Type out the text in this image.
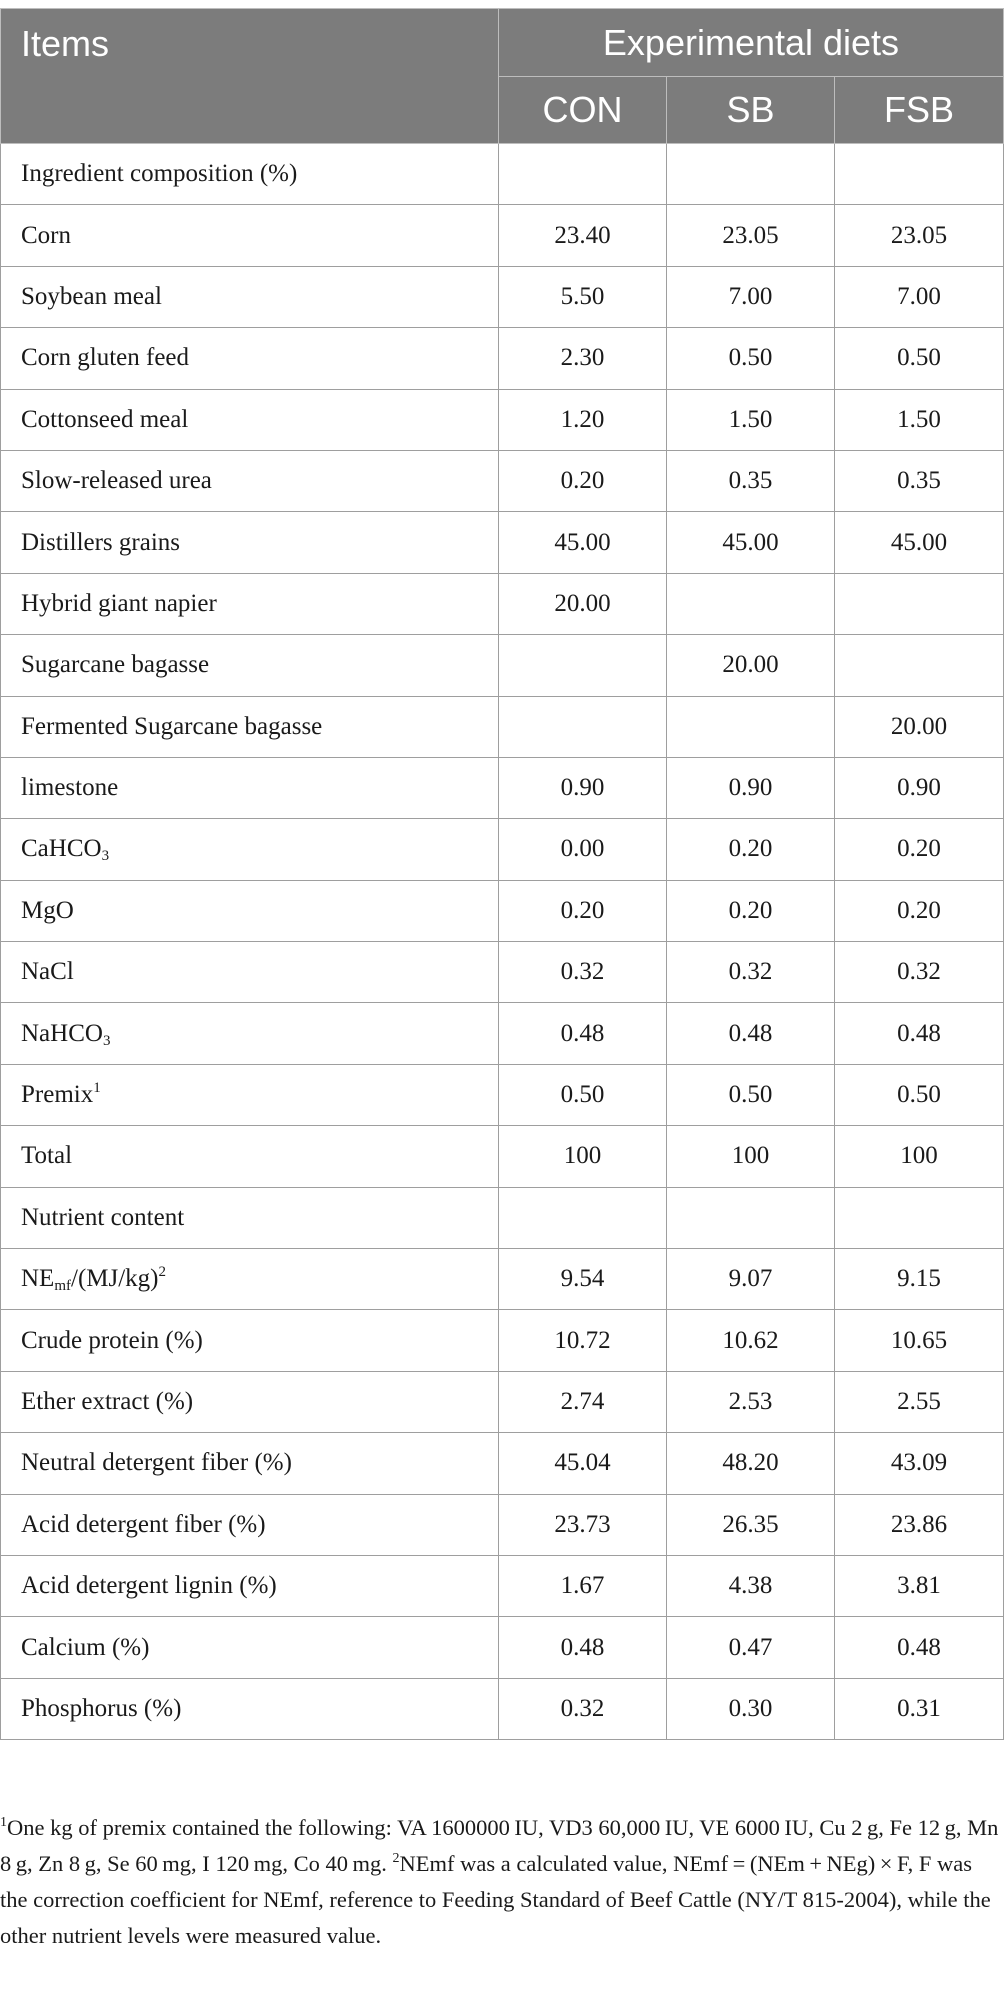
Items	Experimental diets		
	CON	SB	FSB
Ingredient composition (%)			
Corn	23.40	23.05	23.05
Soybean meal	5.50	7.00	7.00
Corn gluten feed	2.30	0.50	0.50
Cottonseed meal	1.20	1.50	1.50
Slow-released urea	0.20	0.35	0.35
Distillers grains	45.00	45.00	45.00
Hybrid giant napier	20.00		
Sugarcane bagasse		20.00	
Fermented Sugarcane bagasse			20.00
limestone	0.90	0.90	0.90
CaHCO$_3$	0.00	0.20	0.20
MgO	0.20	0.20	0.20
NaCl	0.32	0.32	0.32
NaHCO$_3$	0.48	0.48	0.48
Premix$^1$	0.50	0.50	0.50
Total	100	100	100
Nutrient content			
$NE_{mf}/(MJ/kg)^2$	9.54	9.07	9.15
Crude protein (%)	10.72	10.62	10.65
Ether extract (%)	2.74	2.53	2.55
Neutral detergent fiber (%)	45.04	48.20	43.09
Acid detergent fiber (%)	23.73	26.35	23.86
Acid detergent lignin (%)	1.67	4.38	3.81
Calcium (%)	0.48	0.47	0.48
Phosphorus (%)	0.32	0.30	0.31
$^1$One kg of premix contained the following: VA 1600000 IU, VD3 60,000 IU, VE 6000 IU, Cu 2 g, Fe 12 g, Mn 8 g, Zn 8 g, Se 60 mg, I 120 mg, Co 40 mg. $^2$NEmf was a calculated value, NEmf = (NEm + NEg) × F, F was the correction coefficient for NEmf, reference to Feeding Standard of Beef Cattle (NY/T 815-2004), while the other nutrient levels were measured value.
